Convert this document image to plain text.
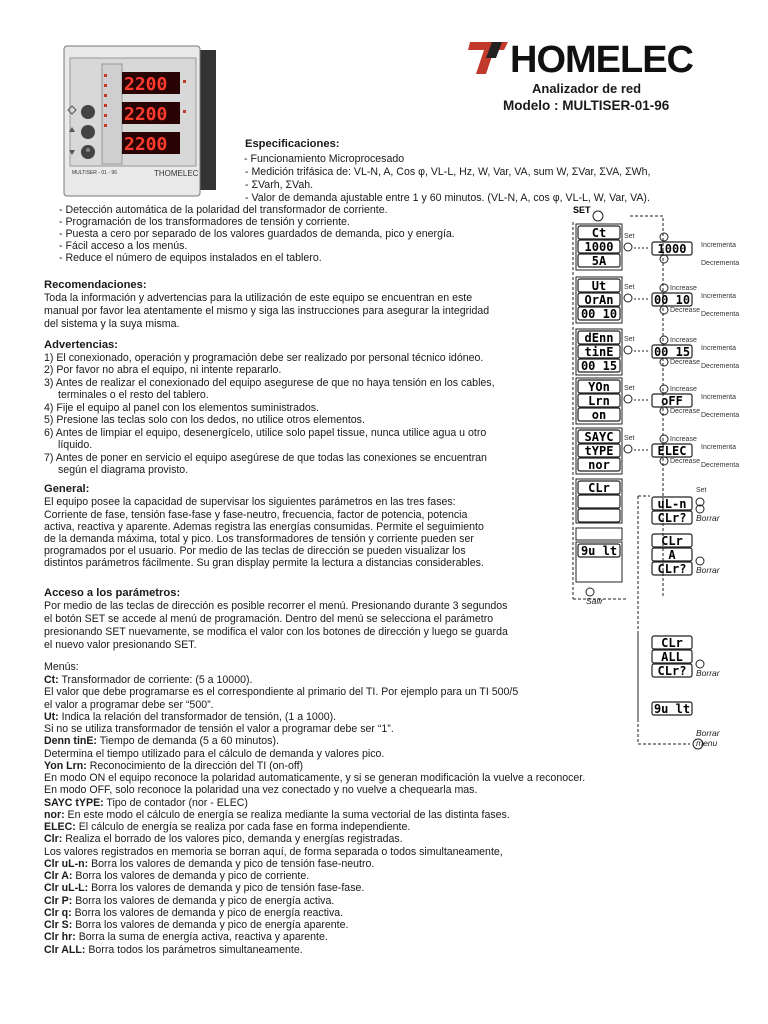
HOMELEC
Analizador de red
Modelo : MULTISER-01-96
2200
2200
2200
MULTISER - 01 - 96	THOMELEC
Especificaciones:
- Funcionamiento Microprocesado
- Medición trifásica de: VL-N, A, Cos φ, VL-L, Hz, W, Var, VA, sum W, ΣVar, ΣVA, ΣWh,
- ΣVarh, ΣVah.
- Valor de demanda ajustable entre 1 y 60 minutos. (VL-N, A, cos φ, VL-L, W, Var, VA).
- Detección automática de la polaridad del transformador de corriente.
- Programación de los transformadores de tensión y corriente.
- Puesta a cero por separado de los valores guardados de demanda, pico y energía.
- Fácil acceso a los menús.
- Reduce el número de equipos instalados en el tablero.
Recomendaciones:
Toda la información y advertencias para la utilización de este equipo se encuentran en este
manual por favor lea atentamente el mismo y siga las instrucciones para asegurar la integridad
del sistema y la suya misma.
Advertencias:
1) El conexionado, operación y programación debe ser realizado por personal técnico idóneo.
2) Por favor no abra el equipo, ni intente repararlo.
3) Antes de realizar el conexionado del equipo asegurese de que no haya tensión en los cables,
terminales o el resto del tablero.
4) Fije el equipo al panel con los elementos suministrados.
5) Presione las teclas solo con los dedos, no utilice otros elementos.
6) Antes de limpiar el equipo, desenergícelo, utilice solo papel tissue, nunca utilice agua u otro
líquido.
7) Antes de poner en servicio el equipo asegúrese de que todas las conexiones se encuentran
según el diagrama provisto.
General:
El equipo posee la capacidad de supervisar los siguientes parámetros en las tres fases:
Corriente de fase, tensión fase-fase y fase-neutro, frecuencia, factor de potencia, potencia
activa, reactiva y aparente. Ademas registra las energías consumidas. Permite el seguimiento
de la demanda máxima, total y pico. Los transformadores de tensión y corriente pueden ser
programados por el usuario. Por medio de las teclas de dirección se pueden visualizar los
distintos parámetros fácilmente. Su gran display permite la lectura a distancias considerables.
Acceso a los parámetros:
Por medio de las teclas de dirección es posible recorrer el menú. Presionando durante 3 segundos
el botón SET se accede al menú de programación. Dentro del menú se selecciona el parámetro
presionando SET nuevamente, se modifica el valor con los botones de dirección y luego se guarda
el nuevo valor presionando SET.
Menús:
Ct: Transformador de corriente: (5 a 10000).
El valor que debe programarse es el correspondiente al primario del TI. Por ejemplo para un TI 500/5
el valor a programar debe ser “500”.
Ut: Indica la relación del transformador de tensión, (1 a 1000).
Si no se utiliza transformador de tensión el valor a programar debe ser “1”.
Denn tinE: Tiempo de demanda (5 a 60 minutos).
Determina el tiempo utilizado para el cálculo de demanda y valores pico.
Yon Lrn: Reconocimiento de la dirección del TI (on-off)
En modo ON el equipo reconoce la polaridad automaticamente, y si se generan modificación la vuelve a reconocer.
En modo OFF, solo reconoce la polaridad una vez conectado y no vuelve a chequearla mas.
SAYC tYPE: Tipo de contador (nor - ELEC)
nor: En este modo el cálculo de energía se realiza mediante la suma vectorial de las distinta fases.
ELEC: El cálculo de energía se realiza por cada fase en forma independiente.
Clr: Realiza el borrado de los valores pico, demanda y energías registradas.
Los valores registrados en memoria se borran aquí, de forma separada o todos simultaneamente,
Clr uL-n: Borra los valores de demanda y pico de tensión fase-neutro.
Clr A: Borra los valores de demanda y pico de corriente.
Clr uL-L: Borra los valores de demanda y pico de tensión fase-fase.
Clr P: Borra los valores de demanda y pico de energía activa.
Clr q: Borra los valores de demanda y pico de energía reactiva.
Clr S: Borra los valores de demanda y pico de energía aparente.
Clr hr: Borra la suma de energía activa, reactiva y aparente.
Clr ALL: Borra todos los parámetros simultaneamente.
SET
Ct
1000
5A
Ut
OrAn
00 10
dEnn
tinE
00 15
YOn
Lrn
on
SAYC
tYPE
nor
CLr
9u lt
Set
1000 Incrementa
Decrementa
Set	Increase
Decrease
00 10 Incrementa
Decrementa
Set	Increase
Decrease
00 15 Incrementa
Decrementa
Set	Increase
Decrease
oFF	Incrementa
Decrementa
Set	Increase
Decrease
ELEC Incrementa
Decrementa
uL-n
CLr?
CLr
A
CLr?
CLr
ALL
CLr?
9u lt
Set
Borrar
Borrar
Borrar
Salir
Borrar
menu
